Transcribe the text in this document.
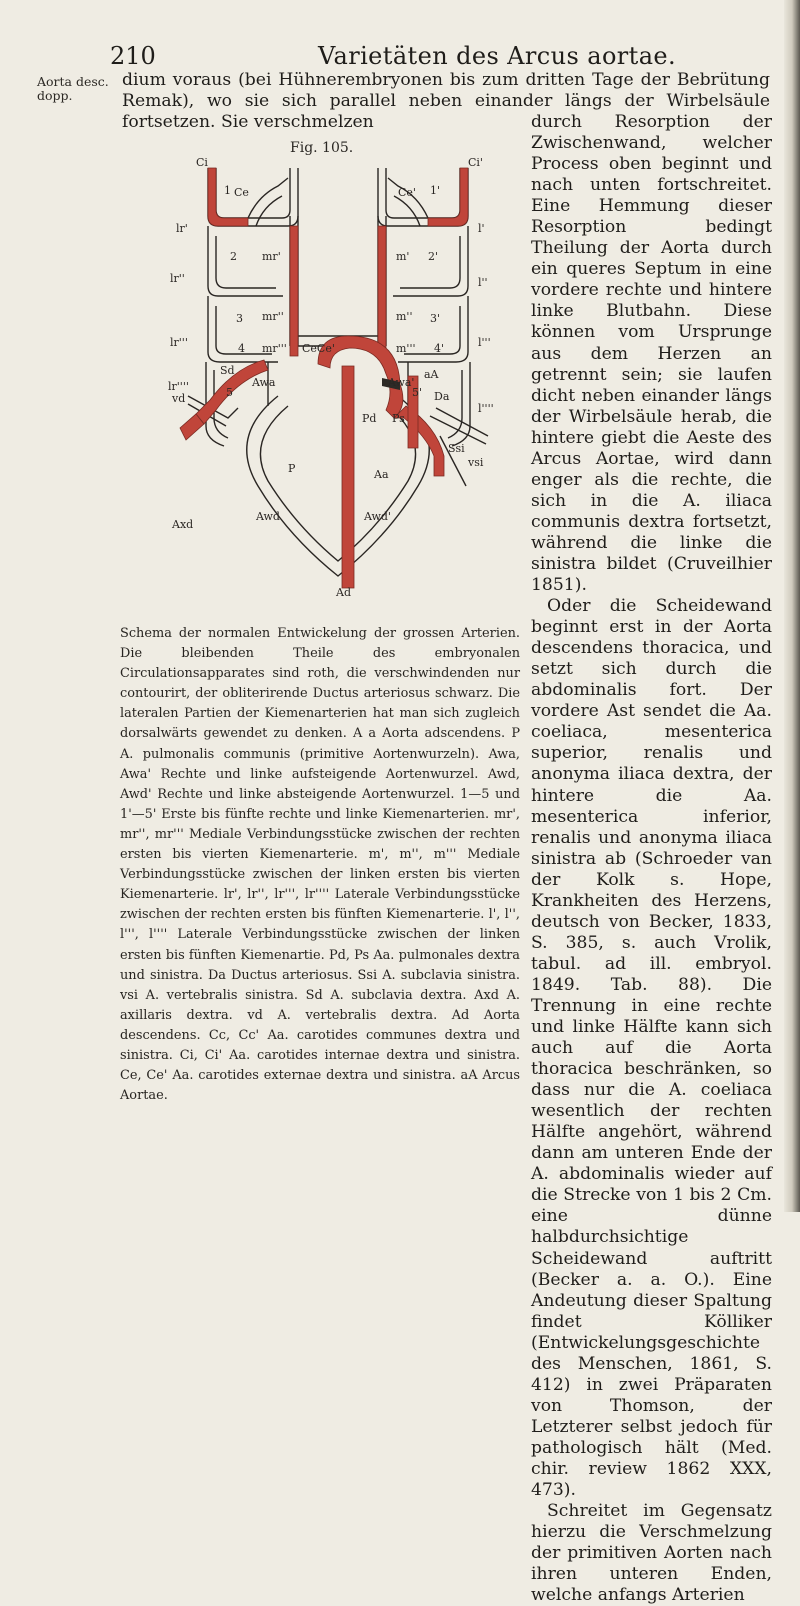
210	Varietäten des Arcus aortae.
Aorta desc. dopp.

dium voraus (bei Hühnerembryonen bis zum dritten Tage der Bebrütung Remak), wo sie sich parallel neben einander längs der Wirbelsäule fortsetzen. Sie verschmelzen

Fig. 105.
Ci	Ci'
Ce	Ce'
1	1'
2	2'
3	3'
4	4'
5	5'
lr'
lr''
lr'''
lr''''
l'
l''
l'''
l''''
mr'
mr''
mr'''
m'
m''
m'''
CeCe'
Sd
Awa	Awa'
aA
Da
Pd Ps
Ssi
vd
vsi
P	Aa
Axd
Awd	Awd'
Ad

Schema der normalen Entwickelung der grossen Arterien. Die bleibenden Theile des embryonalen Circulationsapparates sind roth, die verschwindenden nur contourirt, der obliterirende Ductus arteriosus schwarz. Die lateralen Partien der Kiemenarterien hat man sich zugleich dorsalwärts gewendet zu denken. A a Aorta adscendens. P A. pulmonalis communis (primitive Aortenwurzeln). Awa, Awa' Rechte und linke aufsteigende Aortenwurzel. Awd, Awd' Rechte und linke absteigende Aortenwurzel. 1—5 und 1'—5' Erste bis fünfte rechte und linke Kiemenarterien. mr', mr'', mr''' Mediale Verbindungsstücke zwischen der rechten ersten bis vierten Kiemenarterie. m', m'', m''' Mediale Verbindungsstücke zwischen der linken ersten bis vierten Kiemenarterie. lr', lr'', lr''', lr'''' Laterale Verbindungsstücke zwischen der rechten ersten bis fünften Kiemenarterie. l', l'', l''', l'''' Laterale Verbindungsstücke zwischen der linken ersten bis fünften Kiemenartie. Pd, Ps Aa. pulmonales dextra und sinistra. Da Ductus arteriosus. Ssi A. subclavia sinistra. vsi A. vertebralis sinistra. Sd A. subclavia dextra. Axd A. axillaris dextra. vd A. vertebralis dextra. Ad Aorta descendens. Cc, Cc' Aa. carotides communes dextra und sinistra. Ci, Ci' Aa. carotides internae dextra und sinistra. Ce, Ce' Aa. carotides externae dextra und sinistra. aA Arcus Aortae.

durch Resorption der Zwischenwand, welcher Process oben beginnt und nach unten fortschreitet. Eine Hemmung dieser Resorption bedingt Theilung der Aorta durch ein queres Septum in eine vordere rechte und hintere linke Blutbahn. Diese können vom Ursprunge aus dem Herzen an getrennt sein; sie laufen dicht neben einander längs der Wirbelsäule herab, die hintere giebt die Aeste des Arcus Aortae, wird dann enger als die rechte, die sich in die A. iliaca communis dextra fortsetzt, während die linke die sinistra bildet (Cruveilhier 1851).

Oder die Scheidewand beginnt erst in der Aorta descendens thoracica, und setzt sich durch die abdominalis fort. Der vordere Ast sendet die Aa. coeliaca, mesenterica superior, renalis und anonyma iliaca dextra, der hintere die Aa. mesenterica inferior, renalis und anonyma iliaca sinistra ab (Schroeder van der Kolk s. Hope, Krankheiten des Herzens, deutsch von Becker, 1833, S. 385, s. auch Vrolik, tabul. ad ill. embryol. 1849. Tab. 88). Die Trennung in eine rechte und linke Hälfte kann sich auch auf die Aorta thoracica beschränken, so dass nur die A. coeliaca wesentlich der rechten Hälfte angehört, während dann am unteren Ende der A. abdominalis wieder auf die Strecke von 1 bis 2 Cm. eine dünne halbdurchsichtige Scheidewand auftritt (Becker a. a. O.). Eine Andeutung dieser Spaltung findet Kölliker (Entwickelungsgeschichte des Menschen, 1861, S. 412) in zwei Präparaten von Thomson, der Letzterer selbst jedoch für pathologisch hält (Med. chir. review 1862 XXX, 473).

Schreitet im Gegensatz hierzu die Verschmelzung der primitiven Aorten nach ihren unteren Enden, welche anfangs Arterien
